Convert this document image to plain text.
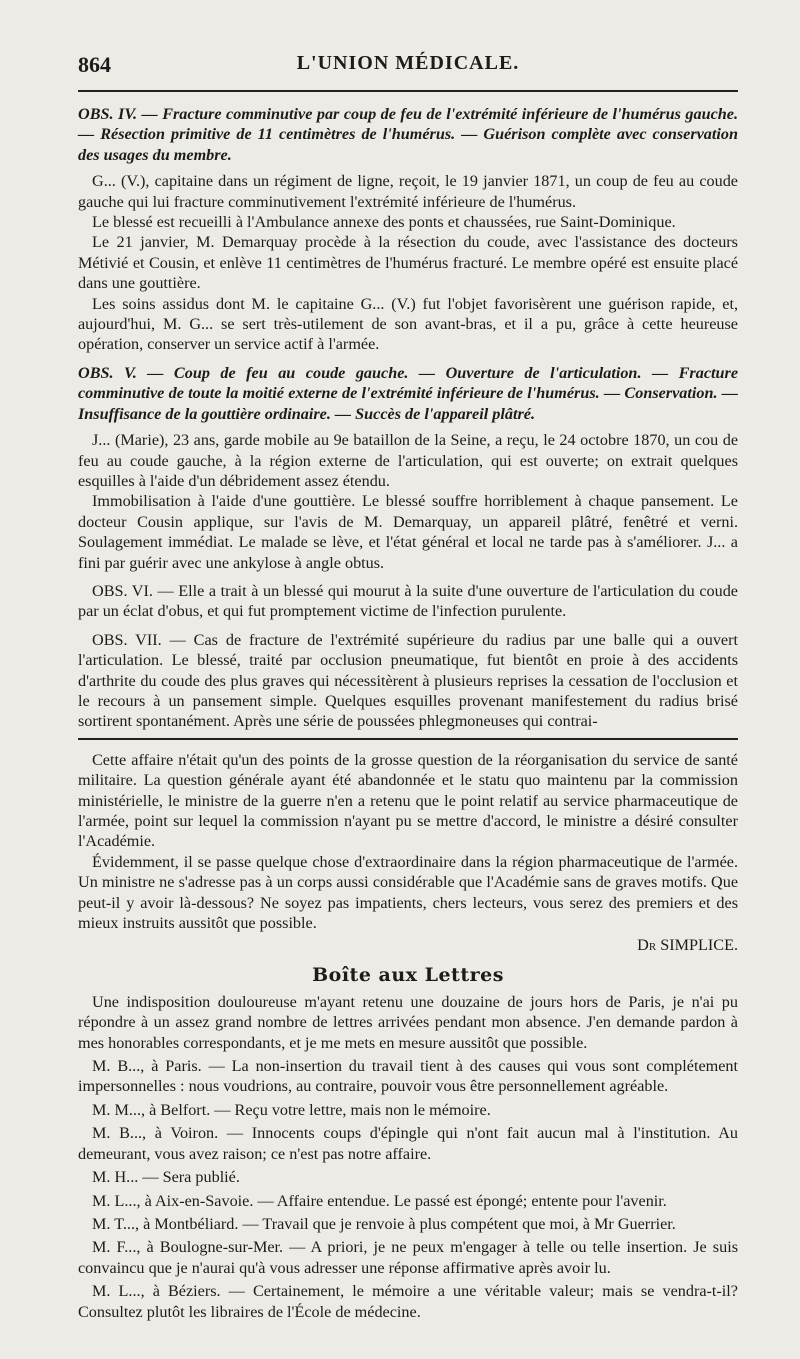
864	L'UNION MÉDICALE.

OBS. IV. — Fracture comminutive par coup de feu de l'extrémité inférieure de l'humérus gauche. — Résection primitive de 11 centimètres de l'humérus. — Guérison complète avec conservation des usages du membre.

G... (V.), capitaine dans un régiment de ligne, reçoit, le 19 janvier 1871, un coup de feu au coude gauche qui lui fracture comminutivement l'extrémité inférieure de l'humérus.

Le blessé est recueilli à l'Ambulance annexe des ponts et chaussées, rue Saint-Dominique.

Le 21 janvier, M. Demarquay procède à la résection du coude, avec l'assistance des docteurs Métivié et Cousin, et enlève 11 centimètres de l'humérus fracturé. Le membre opéré est ensuite placé dans une gouttière.

Les soins assidus dont M. le capitaine G... (V.) fut l'objet favorisèrent une guérison rapide, et, aujourd'hui, M. G... se sert très-utilement de son avant-bras, et il a pu, grâce à cette heureuse opération, conserver un service actif à l'armée.

OBS. V. — Coup de feu au coude gauche. — Ouverture de l'articulation. — Fracture comminutive de toute la moitié externe de l'extrémité inférieure de l'humérus. — Conservation. — Insuffisance de la gouttière ordinaire. — Succès de l'appareil plâtré.

J... (Marie), 23 ans, garde mobile au 9e bataillon de la Seine, a reçu, le 24 octobre 1870, un cou de feu au coude gauche, à la région externe de l'articulation, qui est ouverte; on extrait quelques esquilles à l'aide d'un débridement assez étendu.

Immobilisation à l'aide d'une gouttière. Le blessé souffre horriblement à chaque pansement. Le docteur Cousin applique, sur l'avis de M. Demarquay, un appareil plâtré, fenêtré et verni. Soulagement immédiat. Le malade se lève, et l'état général et local ne tarde pas à s'améliorer. J... a fini par guérir avec une ankylose à angle obtus.

OBS. VI. — Elle a trait à un blessé qui mourut à la suite d'une ouverture de l'articulation du coude par un éclat d'obus, et qui fut promptement victime de l'infection purulente.

OBS. VII. — Cas de fracture de l'extrémité supérieure du radius par une balle qui a ouvert l'articulation. Le blessé, traité par occlusion pneumatique, fut bientôt en proie à des accidents d'arthrite du coude des plus graves qui nécessitèrent à plusieurs reprises la cessation de l'occlusion et le recours à un pansement simple. Quelques esquilles provenant manifestement du radius brisé sortirent spontanément. Après une série de poussées phlegmoneuses qui contrai-

Cette affaire n'était qu'un des points de la grosse question de la réorganisation du service de santé militaire. La question générale ayant été abandonnée et le statu quo maintenu par la commission ministérielle, le ministre de la guerre n'en a retenu que le point relatif au service pharmaceutique de l'armée, point sur lequel la commission n'ayant pu se mettre d'accord, le ministre a désiré consulter l'Académie.

Évidemment, il se passe quelque chose d'extraordinaire dans la région pharmaceutique de l'armée. Un ministre ne s'adresse pas à un corps aussi considérable que l'Académie sans de graves motifs. Que peut-il y avoir là-dessous? Ne soyez pas impatients, chers lecteurs, vous serez des premiers et des mieux instruits aussitôt que possible.

Dr SIMPLICE.

Boîte aux Lettres

Une indisposition douloureuse m'ayant retenu une douzaine de jours hors de Paris, je n'ai pu répondre à un assez grand nombre de lettres arrivées pendant mon absence. J'en demande pardon à mes honorables correspondants, et je me mets en mesure aussitôt que possible.

M. B..., à Paris. — La non-insertion du travail tient à des causes qui vous sont complétement impersonnelles : nous voudrions, au contraire, pouvoir vous être personnellement agréable.

M. M..., à Belfort. — Reçu votre lettre, mais non le mémoire.

M. B..., à Voiron. — Innocents coups d'épingle qui n'ont fait aucun mal à l'institution. Au demeurant, vous avez raison; ce n'est pas notre affaire.

M. H... — Sera publié.

M. L..., à Aix-en-Savoie. — Affaire entendue. Le passé est épongé; entente pour l'avenir.

M. T..., à Montbéliard. — Travail que je renvoie à plus compétent que moi, à Mr Guerrier.

M. F..., à Boulogne-sur-Mer. — A priori, je ne peux m'engager à telle ou telle insertion. Je suis convaincu que je n'aurai qu'à vous adresser une réponse affirmative après avoir lu.

M. L..., à Béziers. — Certainement, le mémoire a une véritable valeur; mais se vendra-t-il? Consultez plutôt les libraires de l'École de médecine.
